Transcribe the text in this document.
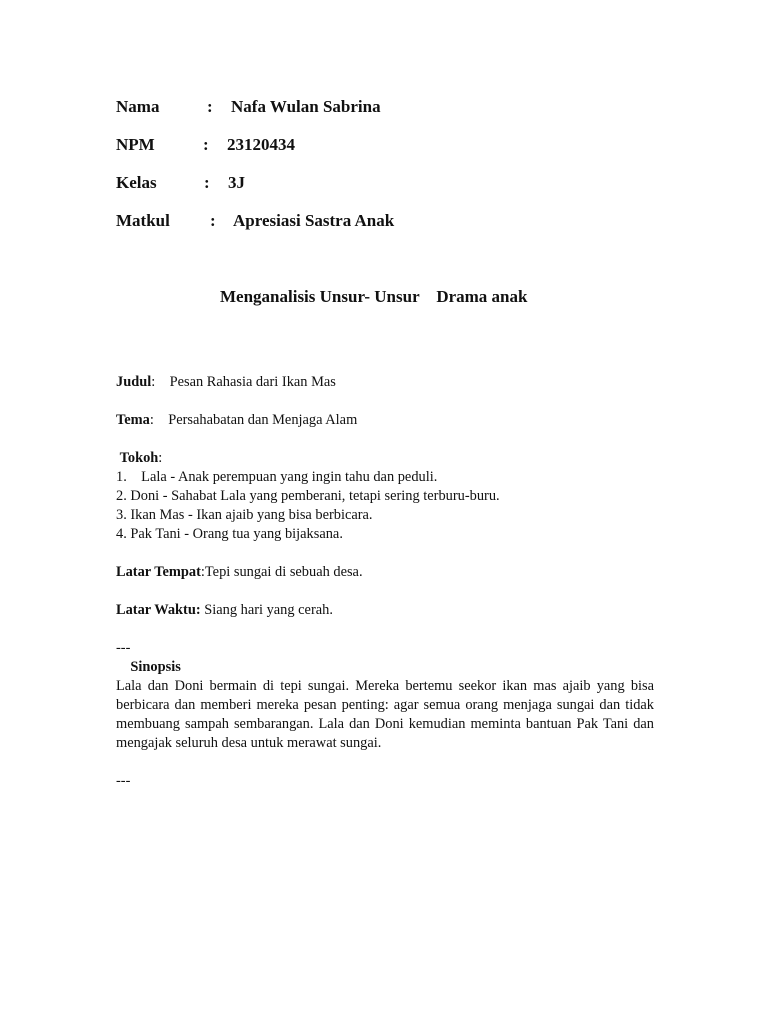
Nama	: Nafa Wulan Sabrina
NPM	: 23120434
Kelas	: 3J
Matkul : Apresiasi Sastra Anak
Menganalisis Unsur- Unsur    Drama anak
Judul: Pesan Rahasia dari Ikan Mas
Tema: Persahabatan dan Menjaga Alam
Tokoh:
1.    Lala - Anak perempuan yang ingin tahu dan peduli.
2. Doni - Sahabat Lala yang pemberani, tetapi sering terburu-buru.
3. Ikan Mas - Ikan ajaib yang bisa berbicara.
4. Pak Tani - Orang tua yang bijaksana.
Latar Tempat:Tepi sungai di sebuah desa.
Latar Waktu: Siang hari yang cerah.
---
Sinopsis
Lala dan Doni bermain di tepi sungai. Mereka bertemu seekor ikan mas ajaib yang bisa berbicara dan memberi mereka pesan penting: agar semua orang menjaga sungai dan tidak membuang sampah sembarangan. Lala dan Doni kemudian meminta bantuan Pak Tani dan mengajak seluruh desa untuk merawat sungai.
---
